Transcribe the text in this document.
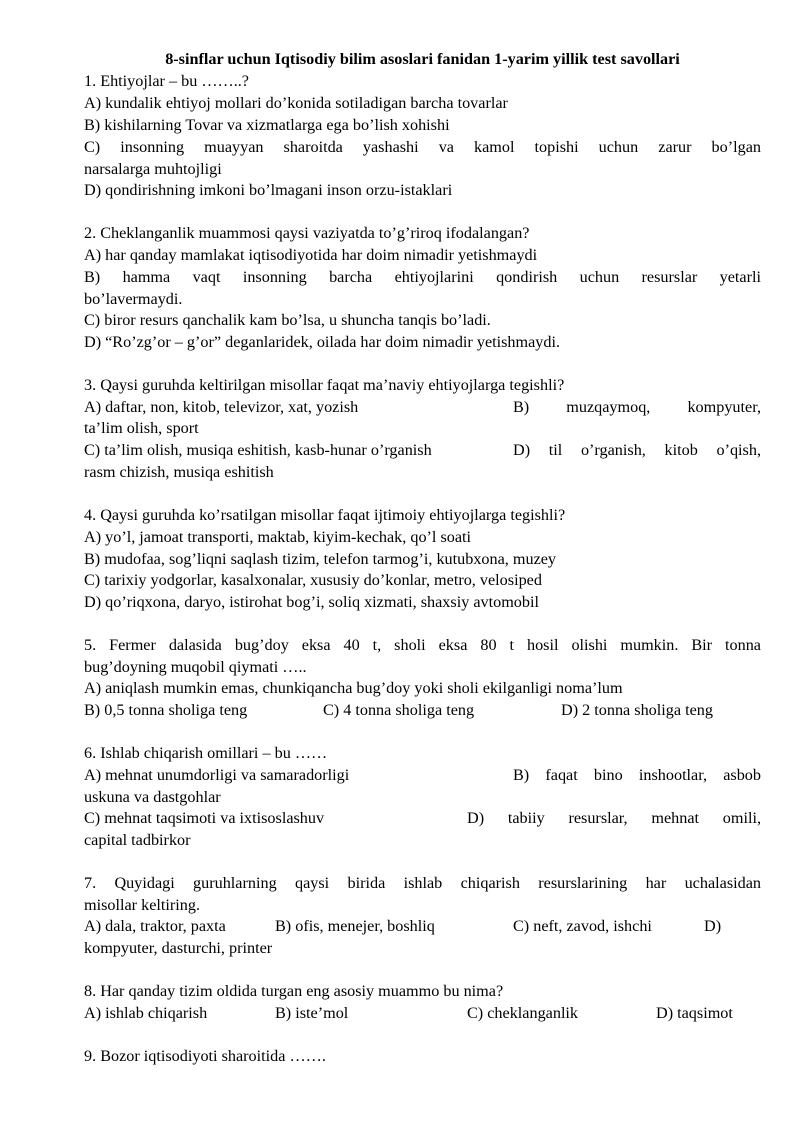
8-sinflar uchun Iqtisodiy bilim asoslari fanidan 1-yarim yillik test savollari

1. Ehtiyojlar – bu ……..?

A) kundalik ehtiyoj mollari do’konida sotiladigan barcha tovarlar

B) kishilarning Tovar va xizmatlarga ega bo’lish xohishi

C) insonning muayyan sharoitda yashashi va kamol topishi uchun zarur bo’lgan

narsalarga muhtojligi

D) qondirishning imkoni bo’lmagani inson orzu-istaklari

2. Cheklanganlik muammosi qaysi vaziyatda to’g’riroq ifodalangan?

A) har qanday mamlakat iqtisodiyotida har doim nimadir yetishmaydi

B) hamma vaqt insonning barcha ehtiyojlarini qondirish uchun resurslar yetarli

bo’lavermaydi.

C) biror resurs qanchalik kam bo’lsa, u shuncha tanqis bo’ladi.

D) “Ro’zg’or – g’or” deganlaridek, oilada har doim nimadir yetishmaydi.

3. Qaysi guruhda keltirilgan misollar faqat ma’naviy ehtiyojlarga tegishli?

A) daftar, non, kitob, televizor, xat, yozish	B) muzqaymoq, kompyuter,

ta’lim olish, sport

C) ta’lim olish, musiqa eshitish, kasb-hunar o’rganish	D) til o’rganish, kitob o’qish,

rasm chizish, musiqa eshitish

4. Qaysi guruhda ko’rsatilgan misollar faqat ijtimoiy ehtiyojlarga tegishli?

A) yo’l, jamoat transporti, maktab, kiyim-kechak, qo’l soati

B) mudofaa, sog’liqni saqlash tizim, telefon tarmog’i, kutubxona, muzey

C) tarixiy yodgorlar, kasalxonalar, xususiy do’konlar, metro, velosiped

D) qo’riqxona, daryo, istirohat bog’i, soliq xizmati, shaxsiy avtomobil

5. Fermer dalasida bug’doy eksa 40 t, sholi eksa 80 t hosil olishi mumkin. Bir tonna

bug’doyning muqobil qiymati …..

A) aniqlash mumkin emas, chunkiqancha bug’doy yoki sholi ekilganligi noma’lum

B) 0,5 tonna sholiga teng	C) 4 tonna sholiga teng	D) 2 tonna sholiga teng

6. Ishlab chiqarish omillari – bu ……

A) mehnat unumdorligi va samaradorligi	B) faqat bino inshootlar, asbob

uskuna va dastgohlar

C) mehnat taqsimoti va ixtisoslashuv	D) tabiiy resurslar, mehnat omili,

capital tadbirkor

7. Quyidagi guruhlarning qaysi birida ishlab chiqarish resurslarining har uchalasidan

misollar keltiring.

A) dala, traktor, paxta	B) ofis, menejer, boshliq	C) neft, zavod, ishchi	D)

kompyuter, dasturchi, printer

8. Har qanday tizim oldida turgan eng asosiy muammo bu nima?

A) ishlab chiqarish	B) iste’mol	C) cheklanganlik	D) taqsimot

9. Bozor iqtisodiyoti sharoitida …….
